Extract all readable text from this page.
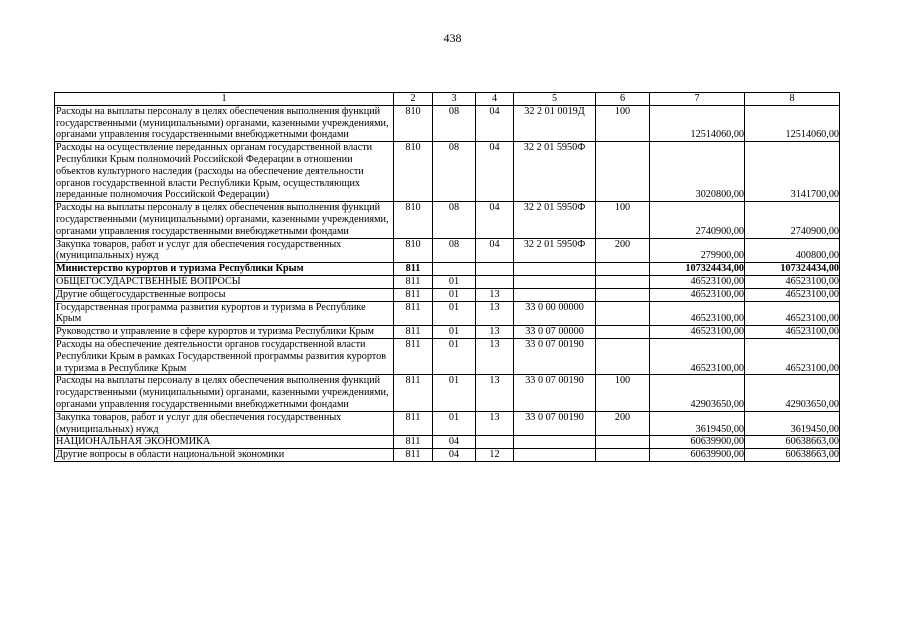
438
1	2	3	4	5	6	7	8
Расходы на выплаты персоналу в целях обеспечения выполнения функций государственными (муниципальными) органами, казенными учреждениями, органами управления государственными внебюджетными фондами	810	08	04	32 2 01 0019Д	100	12514060,00	12514060,00
Расходы на осуществление переданных органам государственной власти Республики Крым полномочий Российской Федерации в отношении объектов культурного наследия (расходы на обеспечение деятельности органов государственной власти Республики Крым, осуществляющих переданные полномочия Российской Федерации)	810	08	04	32 2 01 5950Ф		3020800,00	3141700,00
Расходы на выплаты персоналу в целях обеспечения выполнения функций государственными (муниципальными) органами, казенными учреждениями, органами управления государственными внебюджетными фондами	810	08	04	32 2 01 5950Ф	100	2740900,00	2740900,00
Закупка товаров, работ и услуг для обеспечения государственных (муниципальных) нужд	810	08	04	32 2 01 5950Ф	200	279900,00	400800,00
Министерство курортов и туризма Республики Крым	811					107324434,00	107324434,00
ОБЩЕГОСУДАРСТВЕННЫЕ ВОПРОСЫ	811	01				46523100,00	46523100,00
Другие общегосударственные вопросы	811	01	13			46523100,00	46523100,00
Государственная программа развития курортов и туризма в Республике Крым	811	01	13	33 0 00 00000		46523100,00	46523100,00
Руководство и управление в сфере курортов и туризма Республики Крым	811	01	13	33 0 07 00000		46523100,00	46523100,00
Расходы на обеспечение деятельности органов государственной власти Республики Крым в рамках Государственной программы развития курортов и туризма в Республике Крым	811	01	13	33 0 07 00190		46523100,00	46523100,00
Расходы на выплаты персоналу в целях обеспечения выполнения функций государственными (муниципальными) органами, казенными учреждениями, органами управления государственными внебюджетными фондами	811	01	13	33 0 07 00190	100	42903650,00	42903650,00
Закупка товаров, работ и услуг для обеспечения государственных (муниципальных) нужд	811	01	13	33 0 07 00190	200	3619450,00	3619450,00
НАЦИОНАЛЬНАЯ ЭКОНОМИКА	811	04				60639900,00	60638663,00
Другие вопросы в области национальной экономики	811	04	12			60639900,00	60638663,00
